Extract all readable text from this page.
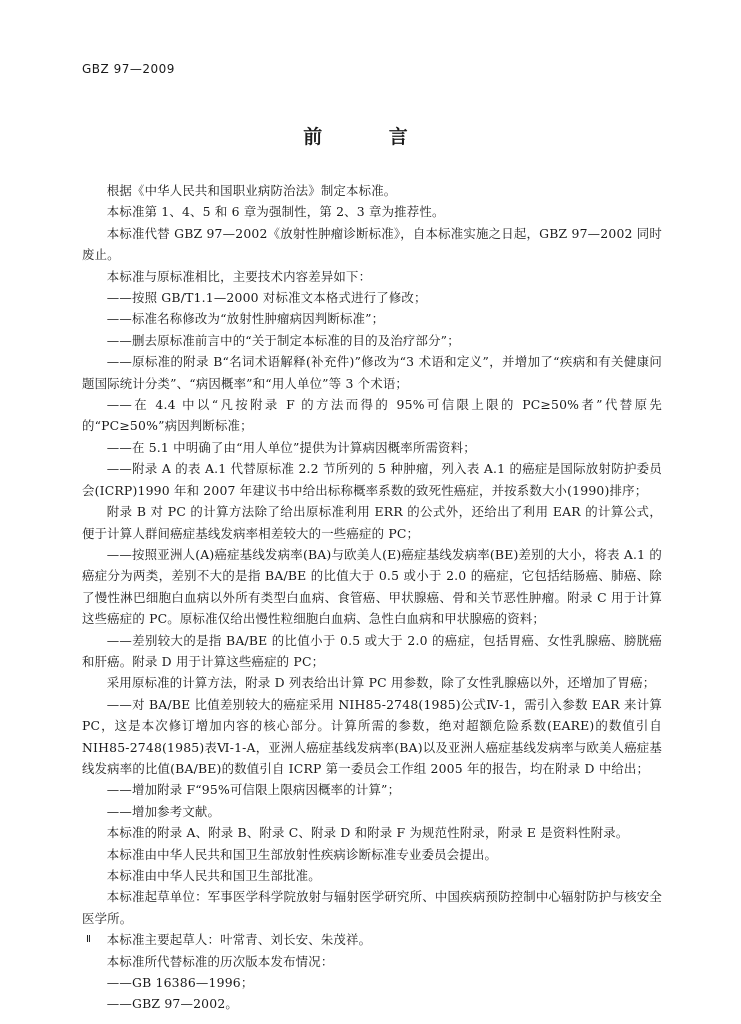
GBZ 97—2009
前 言

根据《中华人民共和国职业病防治法》制定本标准。

本标准第 1、4、5 和 6 章为强制性，第 2、3 章为推荐性。

本标准代替 GBZ 97—2002《放射性肿瘤诊断标准》，自本标准实施之日起，GBZ 97—2002 同时废止。

本标准与原标准相比，主要技术内容差异如下：

——按照 GB/T1.1—2000 对标准文本格式进行了修改；

——标准名称修改为“放射性肿瘤病因判断标准”；

——删去原标准前言中的“关于制定本标准的目的及治疗部分”；

——原标准的附录 B“名词术语解释(补充件)”修改为“3 术语和定义”，并增加了“疾病和有关健康问题国际统计分类”、“病因概率”和“用人单位”等 3 个术语；

——在 4.4 中以“凡按附录 F 的方法而得的 95%可信限上限的 PC≥50%者”代替原先的“PC≥50%”病因判断标准；

——在 5.1 中明确了由“用人单位”提供为计算病因概率所需资料；

——附录 A 的表 A.1 代替原标准 2.2 节所列的 5 种肿瘤，列入表 A.1 的癌症是国际放射防护委员会(ICRP)1990 年和 2007 年建议书中给出标称概率系数的致死性癌症，并按系数大小(1990)排序；

附录 B 对 PC 的计算方法除了给出原标准利用 ERR 的公式外，还给出了利用 EAR 的计算公式，便于计算人群间癌症基线发病率相差较大的一些癌症的 PC；

——按照亚洲人(A)癌症基线发病率(BA)与欧美人(E)癌症基线发病率(BE)差别的大小，将表 A.1 的癌症分为两类，差别不大的是指 BA/BE 的比值大于 0.5 或小于 2.0 的癌症，它包括结肠癌、肺癌、除了慢性淋巴细胞白血病以外所有类型白血病、食管癌、甲状腺癌、骨和关节恶性肿瘤。附录 C 用于计算这些癌症的 PC。原标准仅给出慢性粒细胞白血病、急性白血病和甲状腺癌的资料；

——差别较大的是指 BA/BE 的比值小于 0.5 或大于 2.0 的癌症，包括胃癌、女性乳腺癌、膀胱癌和肝癌。附录 D 用于计算这些癌症的 PC；

采用原标准的计算方法，附录 D 列表给出计算 PC 用参数，除了女性乳腺癌以外，还增加了胃癌；

——对 BA/BE 比值差别较大的癌症采用 NIH85-2748(1985)公式Ⅳ-1，需引入参数 EAR 来计算 PC，这是本次修订增加内容的核心部分。计算所需的参数，绝对超额危险系数(EARE)的数值引自 NIH85-2748(1985)表Ⅵ-1-A，亚洲人癌症基线发病率(BA)以及亚洲人癌症基线发病率与欧美人癌症基线发病率的比值(BA/BE)的数值引自 ICRP 第一委员会工作组 2005 年的报告，均在附录 D 中给出；

——增加附录 F“95%可信限上限病因概率的计算”；

——增加参考文献。

本标准的附录 A、附录 B、附录 C、附录 D 和附录 F 为规范性附录，附录 E 是资料性附录。

本标准由中华人民共和国卫生部放射性疾病诊断标准专业委员会提出。

本标准由中华人民共和国卫生部批准。

本标准起草单位：军事医学科学院放射与辐射医学研究所、中国疾病预防控制中心辐射防护与核安全医学所。

本标准主要起草人：叶常青、刘长安、朱茂祥。

本标准所代替标准的历次版本发布情况：

——GB 16386—1996；

——GBZ 97—2002。

Ⅱ
